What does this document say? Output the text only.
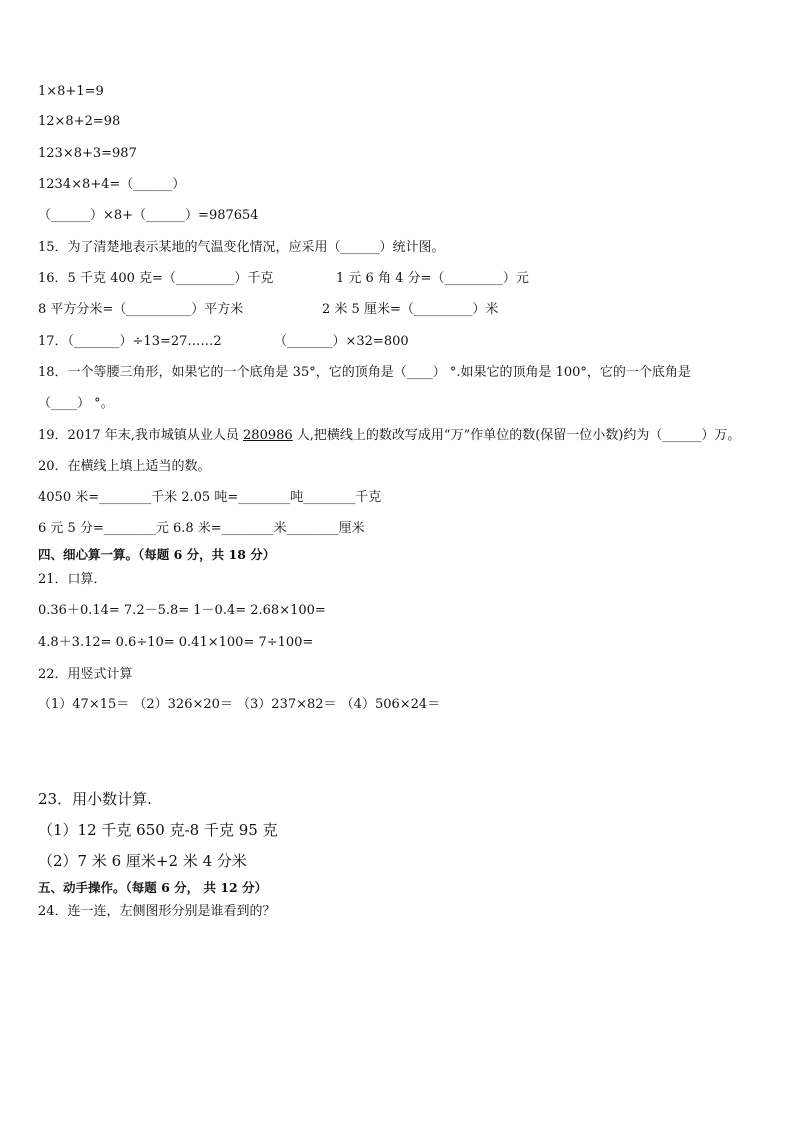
1×8+1=9
12×8+2=98
123×8+3=987
1234×8+4=（______）
（______）×8+（______）=987654
15．为了清楚地表示某地的气温变化情况，应采用（______）统计图。
16．5 千克 400 克=（_________）千克	1 元 6 角 4 分=（_________）元
8 平方分米=（__________）平方米	2 米 5 厘米=（_________）米
17．（_______）÷13=27……2	（_______）×32=800
18．一个等腰三角形，如果它的一个底角是 35°，它的顶角是（____） °.如果它的顶角是 100°，它的一个底角是
（____） °。
19．2017 年末,我市城镇从业人员 280986 人,把横线上的数改写成用“万”作单位的数(保留一位小数)约为（______）万。
20．在横线上填上适当的数。
4050 米=________千米 2.05 吨=________吨________千克
6 元 5 分=________元 6.8 米=________米________厘米
四、细心算一算。（每题 6 分，共 18 分）
21．口算．
0.36＋0.14= 7.2－5.8= 1－0.4= 2.68×100=
4.8＋3.12= 0.6÷10= 0.41×100= 7÷100=
22．用竖式计算
（1）47×15＝ （2）326×20＝ （3）237×82＝ （4）506×24＝
23．用小数计算.
（1）12 千克 650 克-8 千克 95 克
（2）7 米 6 厘米+2 米 4 分米
五、动手操作。（每题 6 分， 共 12 分）
24．连一连，左侧图形分别是谁看到的？
